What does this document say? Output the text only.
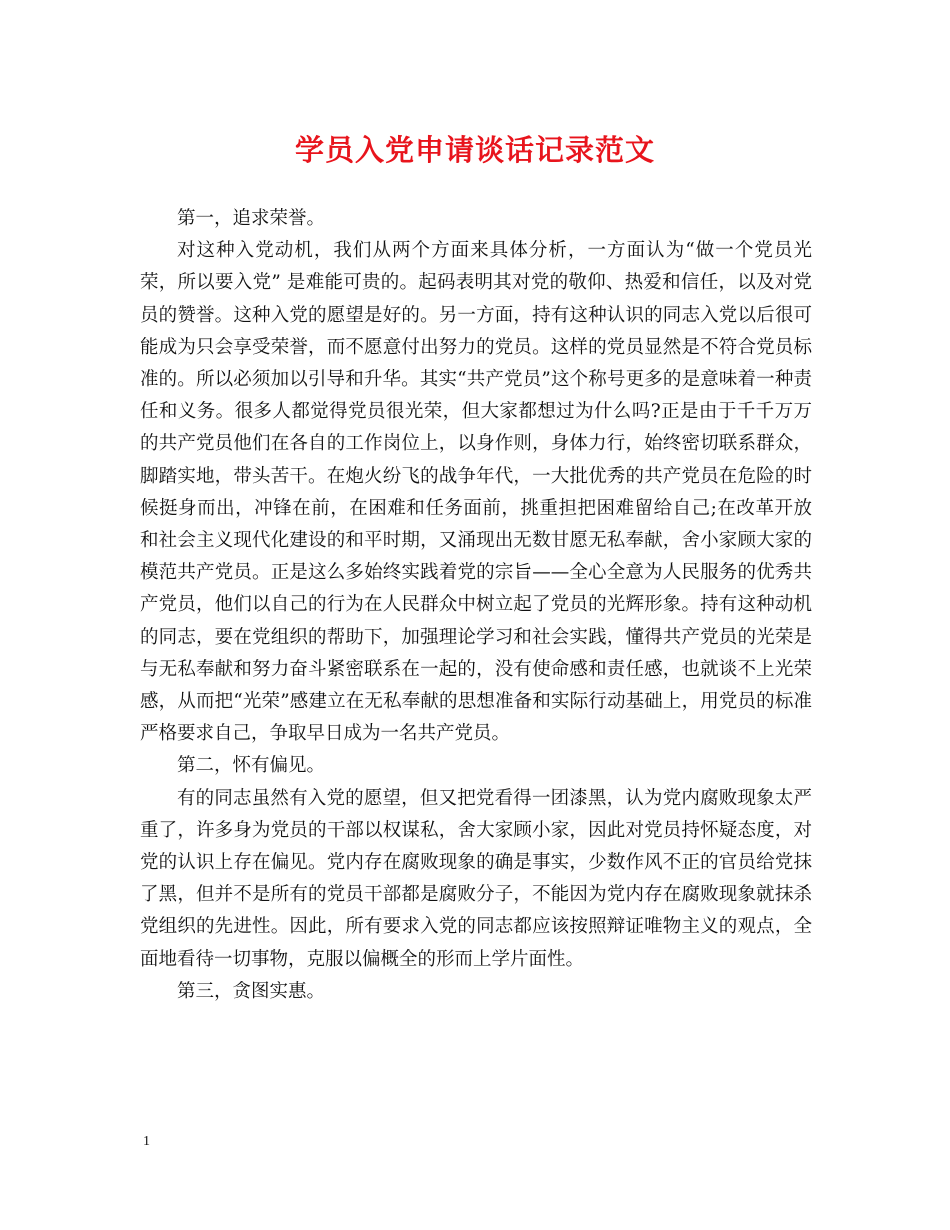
学员入党申请谈话记录范文

第一，追求荣誉。

对这种入党动机，我们从两个方面来具体分析，一方面认为“做一个党员光荣，所以要入党” 是难能可贵的。起码表明其对党的敬仰、热爱和信任，以及对党员的赞誉。这种入党的愿望是好的。另一方面，持有这种认识的同志入党以后很可能成为只会享受荣誉，而不愿意付出努力的党员。这样的党员显然是不符合党员标准的。所以必须加以引导和升华。其实“共产党员”这个称号更多的是意味着一种责任和义务。很多人都觉得党员很光荣，但大家都想过为什么吗?正是由于千千万万的共产党员他们在各自的工作岗位上，以身作则，身体力行，始终密切联系群众，脚踏实地，带头苦干。在炮火纷飞的战争年代，一大批优秀的共产党员在危险的时候挺身而出，冲锋在前，在困难和任务面前，挑重担把困难留给自己;在改革开放和社会主义现代化建设的和平时期，又涌现出无数甘愿无私奉献，舍小家顾大家的模范共产党员。正是这么多始终实践着党的宗旨——全心全意为人民服务的优秀共产党员，他们以自己的行为在人民群众中树立起了党员的光辉形象。持有这种动机的同志，要在党组织的帮助下，加强理论学习和社会实践，懂得共产党员的光荣是与无私奉献和努力奋斗紧密联系在一起的，没有使命感和责任感，也就谈不上光荣感，从而把“光荣”感建立在无私奉献的思想准备和实际行动基础上，用党员的标准严格要求自己，争取早日成为一名共产党员。

第二，怀有偏见。

有的同志虽然有入党的愿望，但又把党看得一团漆黑，认为党内腐败现象太严重了，许多身为党员的干部以权谋私，舍大家顾小家，因此对党员持怀疑态度，对党的认识上存在偏见。党内存在腐败现象的确是事实，少数作风不正的官员给党抹了黑，但并不是所有的党员干部都是腐败分子，不能因为党内存在腐败现象就抹杀党组织的先进性。因此，所有要求入党的同志都应该按照辩证唯物主义的观点，全面地看待一切事物，克服以偏概全的形而上学片面性。

第三，贪图实惠。

1
